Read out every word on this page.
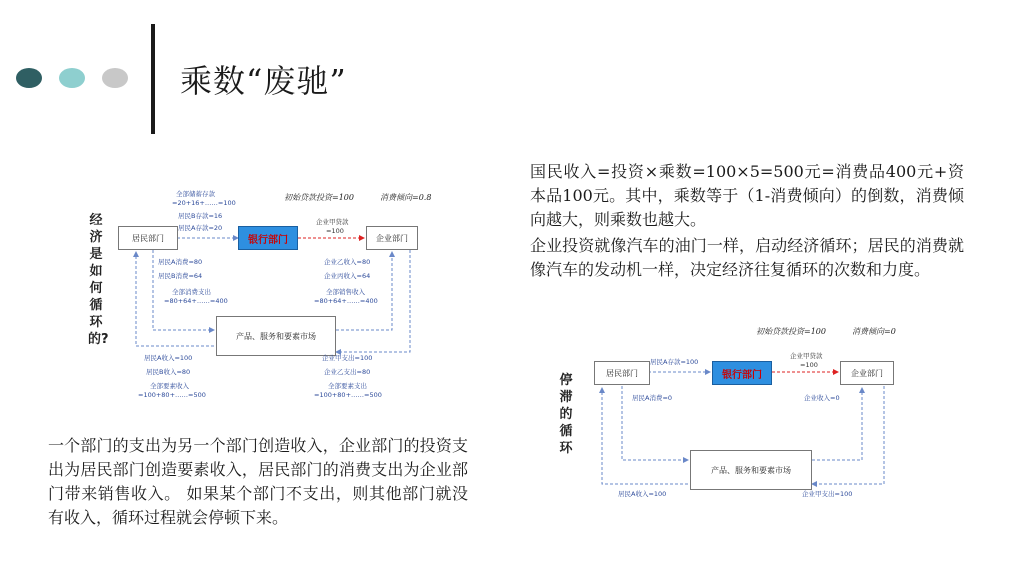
乘数“废驰”
经济是如何循环的?
初始贷款投资=100	消费倾向=0.8
居民部门	银行部门	企业部门
产品、服务和要素市场
全部储蓄存款
=20+16+……=100
居民B存款=16
居民A存款=20
企业甲贷款
=100
居民A消费=80
居民B消费=64
全部消费支出
=80+64+……=400
企业乙收入=80
企业丙收入=64
全部销售收入
=80+64+……=400
居民A收入=100
居民B收入=80
全部要素收入
=100+80+……=500
企业甲支出=100
企业乙支出=80
全部要素支出
=100+80+……=500
停滞的循环
初始贷款投资=100	消费倾向=0
居民部门	银行部门	企业部门
产品、服务和要素市场
居民A存款=100
企业甲贷款
=100
居民A消费=0	企业收入=0
居民A收入=100	企业甲支出=100
国民收入=投资×乘数=100×5=500元=消费品400元+资本品100元。其中，乘数等于（1-消费倾向）的倒数，消费倾向越大，则乘数也越大。
企业投资就像汽车的油门一样，启动经济循环；居民的消费就像汽车的发动机一样，决定经济往复循环的次数和力度。
一个部门的支出为另一个部门创造收入，企业部门的投资支出为居民部门创造要素收入，居民部门的消费支出为企业部门带来销售收入。 如果某个部门不支出，则其他部门就没有收入，循环过程就会停顿下来。
